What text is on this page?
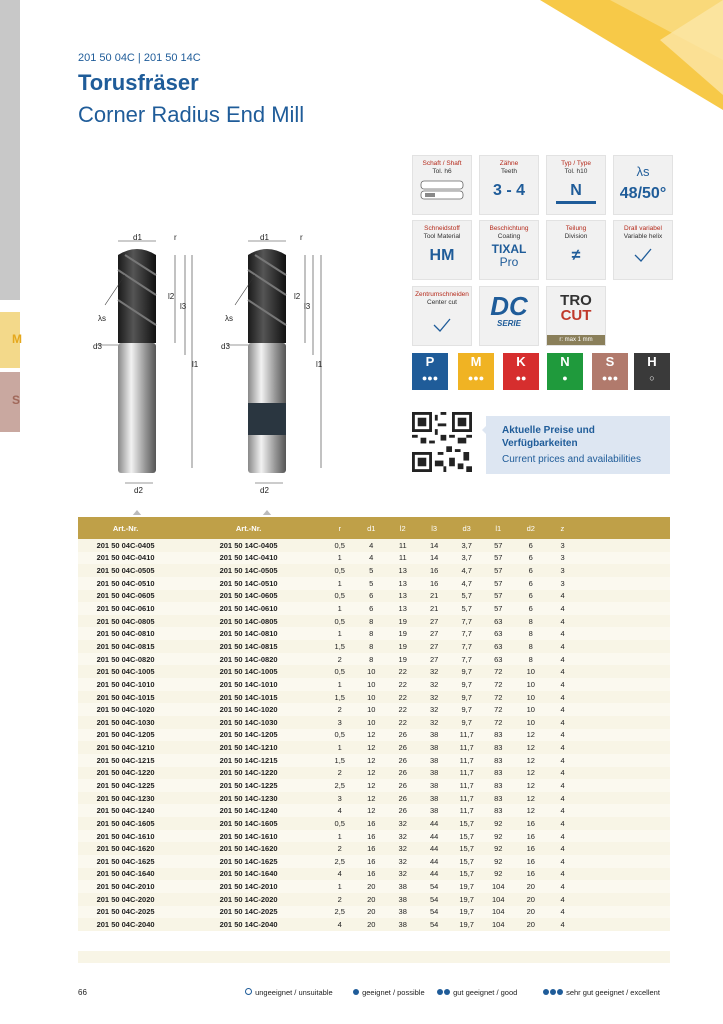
M
S
201 50 04C | 201 50 14C
Torusfräser
Corner Radius End Mill
d1	r
l2
l3
l1
λs
d3
d2
d1	r
l2
l3
l1
λs
d3
d2
Schaft / Shaft
Tol. h6
Zähne
Teeth
3 - 4
Typ / Type
Tol. h10
N
λs
48/50°
Schneidstoff
Tool Material
HM
Beschichtung
Coating
TIXAL
Pro
Teilung
Division
≠
Drall variabel
Variable helix
Zentrumschneiden
Center cut	DC
SERIE
TRO
CUT
r: max 1 mm
P
●●●
M
●●●
K
●●
N
●
S
●●●
H
○
Aktuelle Preise und
Verfügbarkeiten
Current prices and availabilities
Art.-Nr.	Art.-Nr.	r	d1	l2	l3	d3	l1	d2	z
201 50 04C-0405	201 50 14C-0405	0,5	4	11	14	3,7	57	6	3
201 50 04C-0410	201 50 14C-0410	1	4	11	14	3,7	57	6	3
201 50 04C-0505	201 50 14C-0505	0,5	5	13	16	4,7	57	6	3
201 50 04C-0510	201 50 14C-0510	1	5	13	16	4,7	57	6	3
201 50 04C-0605	201 50 14C-0605	0,5	6	13	21	5,7	57	6	4
201 50 04C-0610	201 50 14C-0610	1	6	13	21	5,7	57	6	4
201 50 04C-0805	201 50 14C-0805	0,5	8	19	27	7,7	63	8	4
201 50 04C-0810	201 50 14C-0810	1	8	19	27	7,7	63	8	4
201 50 04C-0815	201 50 14C-0815	1,5	8	19	27	7,7	63	8	4
201 50 04C-0820	201 50 14C-0820	2	8	19	27	7,7	63	8	4
201 50 04C-1005	201 50 14C-1005	0,5	10	22	32	9,7	72	10	4
201 50 04C-1010	201 50 14C-1010	1	10	22	32	9,7	72	10	4
201 50 04C-1015	201 50 14C-1015	1,5	10	22	32	9,7	72	10	4
201 50 04C-1020	201 50 14C-1020	2	10	22	32	9,7	72	10	4
201 50 04C-1030	201 50 14C-1030	3	10	22	32	9,7	72	10	4
201 50 04C-1205	201 50 14C-1205	0,5	12	26	38	11,7	83	12	4
201 50 04C-1210	201 50 14C-1210	1	12	26	38	11,7	83	12	4
201 50 04C-1215	201 50 14C-1215	1,5	12	26	38	11,7	83	12	4
201 50 04C-1220	201 50 14C-1220	2	12	26	38	11,7	83	12	4
201 50 04C-1225	201 50 14C-1225	2,5	12	26	38	11,7	83	12	4
201 50 04C-1230	201 50 14C-1230	3	12	26	38	11,7	83	12	4
201 50 04C-1240	201 50 14C-1240	4	12	26	38	11,7	83	12	4
201 50 04C-1605	201 50 14C-1605	0,5	16	32	44	15,7	92	16	4
201 50 04C-1610	201 50 14C-1610	1	16	32	44	15,7	92	16	4
201 50 04C-1620	201 50 14C-1620	2	16	32	44	15,7	92	16	4
201 50 04C-1625	201 50 14C-1625	2,5	16	32	44	15,7	92	16	4
201 50 04C-1640	201 50 14C-1640	4	16	32	44	15,7	92	16	4
201 50 04C-2010	201 50 14C-2010	1	20	38	54	19,7	104	20	4
201 50 04C-2020	201 50 14C-2020	2	20	38	54	19,7	104	20	4
201 50 04C-2025	201 50 14C-2025	2,5	20	38	54	19,7	104	20	4
201 50 04C-2040	201 50 14C-2040	4	20	38	54	19,7	104	20	4
66	ungeeignet / unsuitable	geeignet / possible	gut geeignet / good	sehr gut geeignet / excellent
